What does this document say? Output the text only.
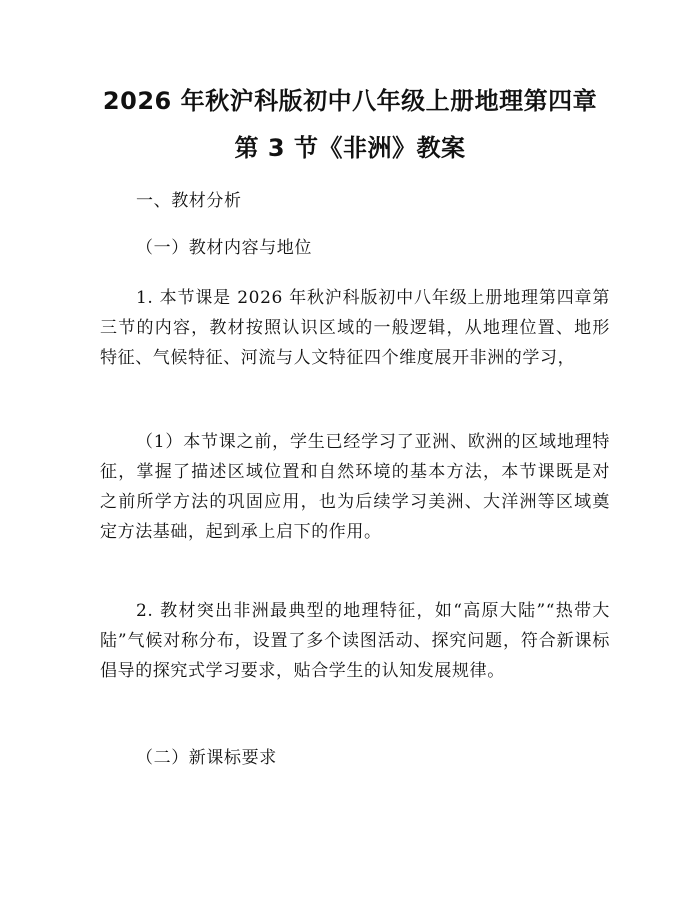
2026 年秋沪科版初中八年级上册地理第四章
第 3 节《非洲》教案

一、教材分析

（一）教材内容与地位

1. 本节课是 2026 年秋沪科版初中八年级上册地理第四章第三节的内容，教材按照认识区域的一般逻辑，从地理位置、地形特征、气候特征、河流与人文特征四个维度展开非洲的学习，

（1）本节课之前，学生已经学习了亚洲、欧洲的区域地理特征，掌握了描述区域位置和自然环境的基本方法，本节课既是对之前所学方法的巩固应用，也为后续学习美洲、大洋洲等区域奠定方法基础，起到承上启下的作用。

2. 教材突出非洲最典型的地理特征，如“高原大陆”“热带大陆”气候对称分布，设置了多个读图活动、探究问题，符合新课标倡导的探究式学习要求，贴合学生的认知发展规律。

（二）新课标要求
